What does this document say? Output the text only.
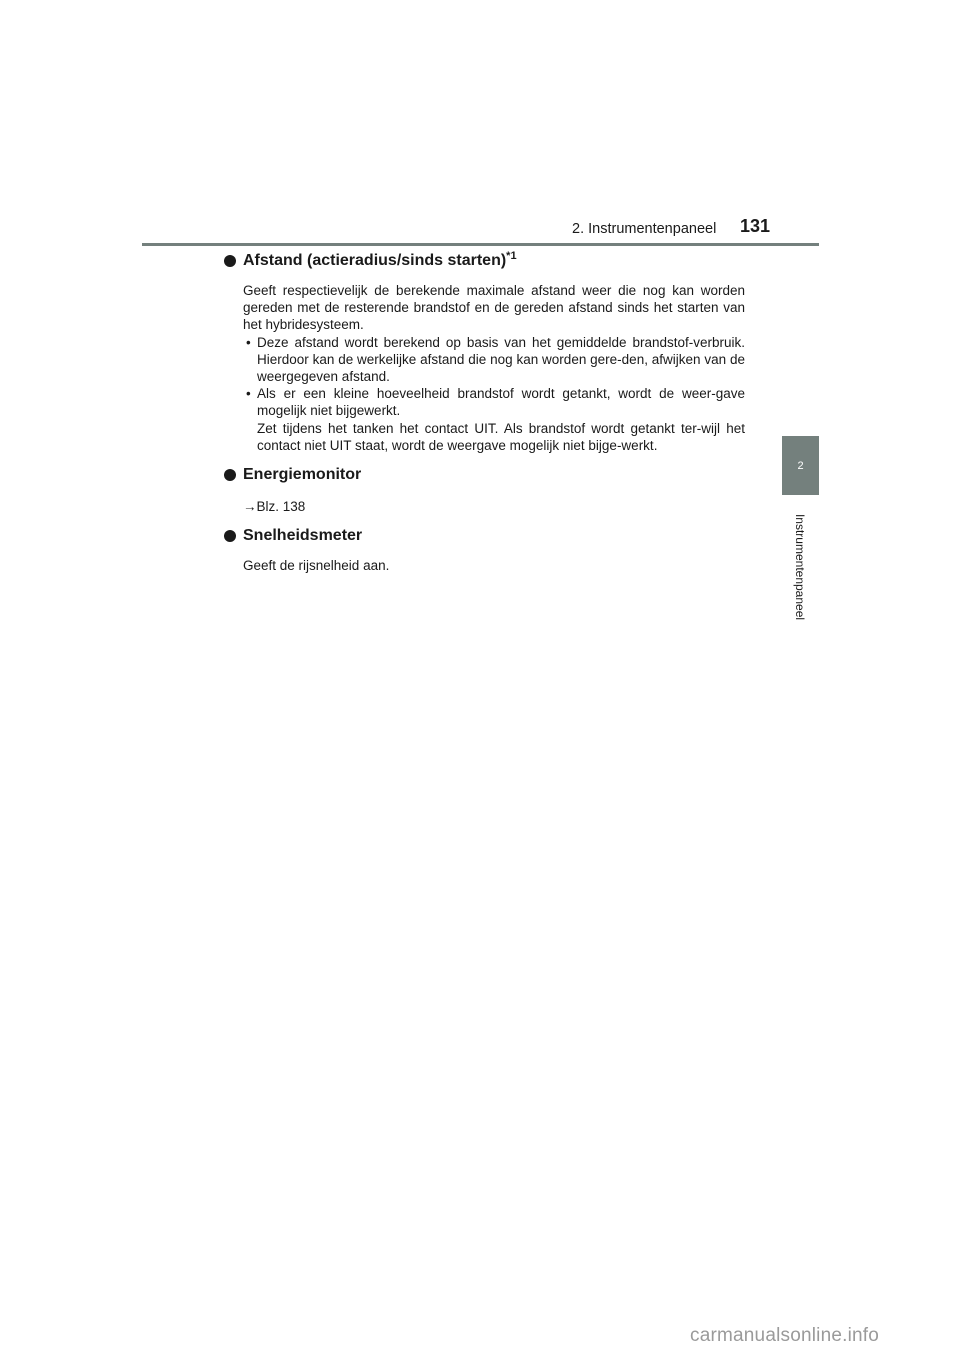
2. Instrumentenpaneel 131
2
Instrumentenpaneel
Afstand (actieradius/sinds starten)$^{*1}$

Geeft respectievelijk de berekende maximale afstand weer die nog kan worden gereden met de resterende brandstof en de gereden afstand sinds het starten van het hybridesysteem.

• Deze afstand wordt berekend op basis van het gemiddelde brandstof-verbruik. Hierdoor kan de werkelijke afstand die nog kan worden gere-den, afwijken van de weergegeven afstand.
• Als er een kleine hoeveelheid brandstof wordt getankt, wordt de weer-gave mogelijk niet bijgewerkt.
Zet tijdens het tanken het contact UIT. Als brandstof wordt getankt ter-wijl het contact niet UIT staat, wordt de weergave mogelijk niet bijge-werkt.
Energiemonitor

→Blz. 138

Snelheidsmeter

Geeft de rijsnelheid aan.

carmanualsonline.info
